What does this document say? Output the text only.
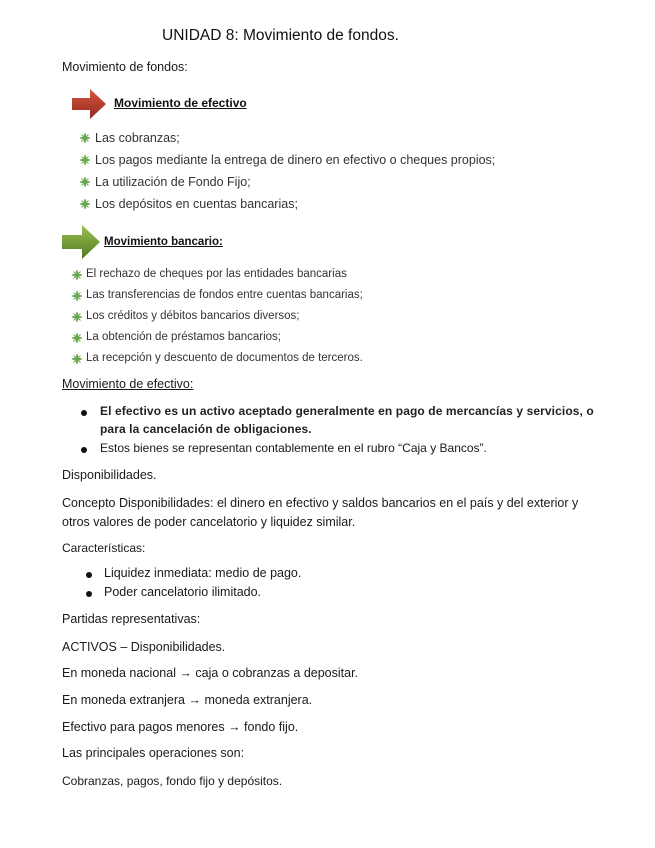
UNIDAD 8: Movimiento de fondos.
Movimiento de fondos:
Movimiento de efectivo
Las cobranzas;
Los pagos mediante la entrega de dinero en efectivo o cheques propios;
La utilización de Fondo Fijo;
Los depósitos en cuentas bancarias;
Movimiento bancario:
El rechazo de cheques por las entidades bancarias
Las transferencias de fondos entre cuentas bancarias;
Los créditos y débitos bancarios diversos;
La obtención de préstamos bancarios;
La recepción y descuento de documentos de terceros.
Movimiento de efectivo:
El efectivo es un activo aceptado generalmente en pago de mercancías y servicios, o
para la cancelación de obligaciones.
Estos bienes se representan contablemente en el rubro “Caja y Bancos”.
Disponibilidades.
Concepto Disponibilidades: el dinero en efectivo y saldos bancarios en el país y del exterior y
otros valores de poder cancelatorio y liquidez similar.
Características:
Liquidez inmediata: medio de pago.
Poder cancelatorio ilimitado.
Partidas representativas:
ACTIVOS – Disponibilidades.
En moneda nacional → caja o cobranzas a depositar.
En moneda extranjera → moneda extranjera.
Efectivo para pagos menores → fondo fijo.
Las principales operaciones son:
Cobranzas, pagos, fondo fijo y depósitos.
